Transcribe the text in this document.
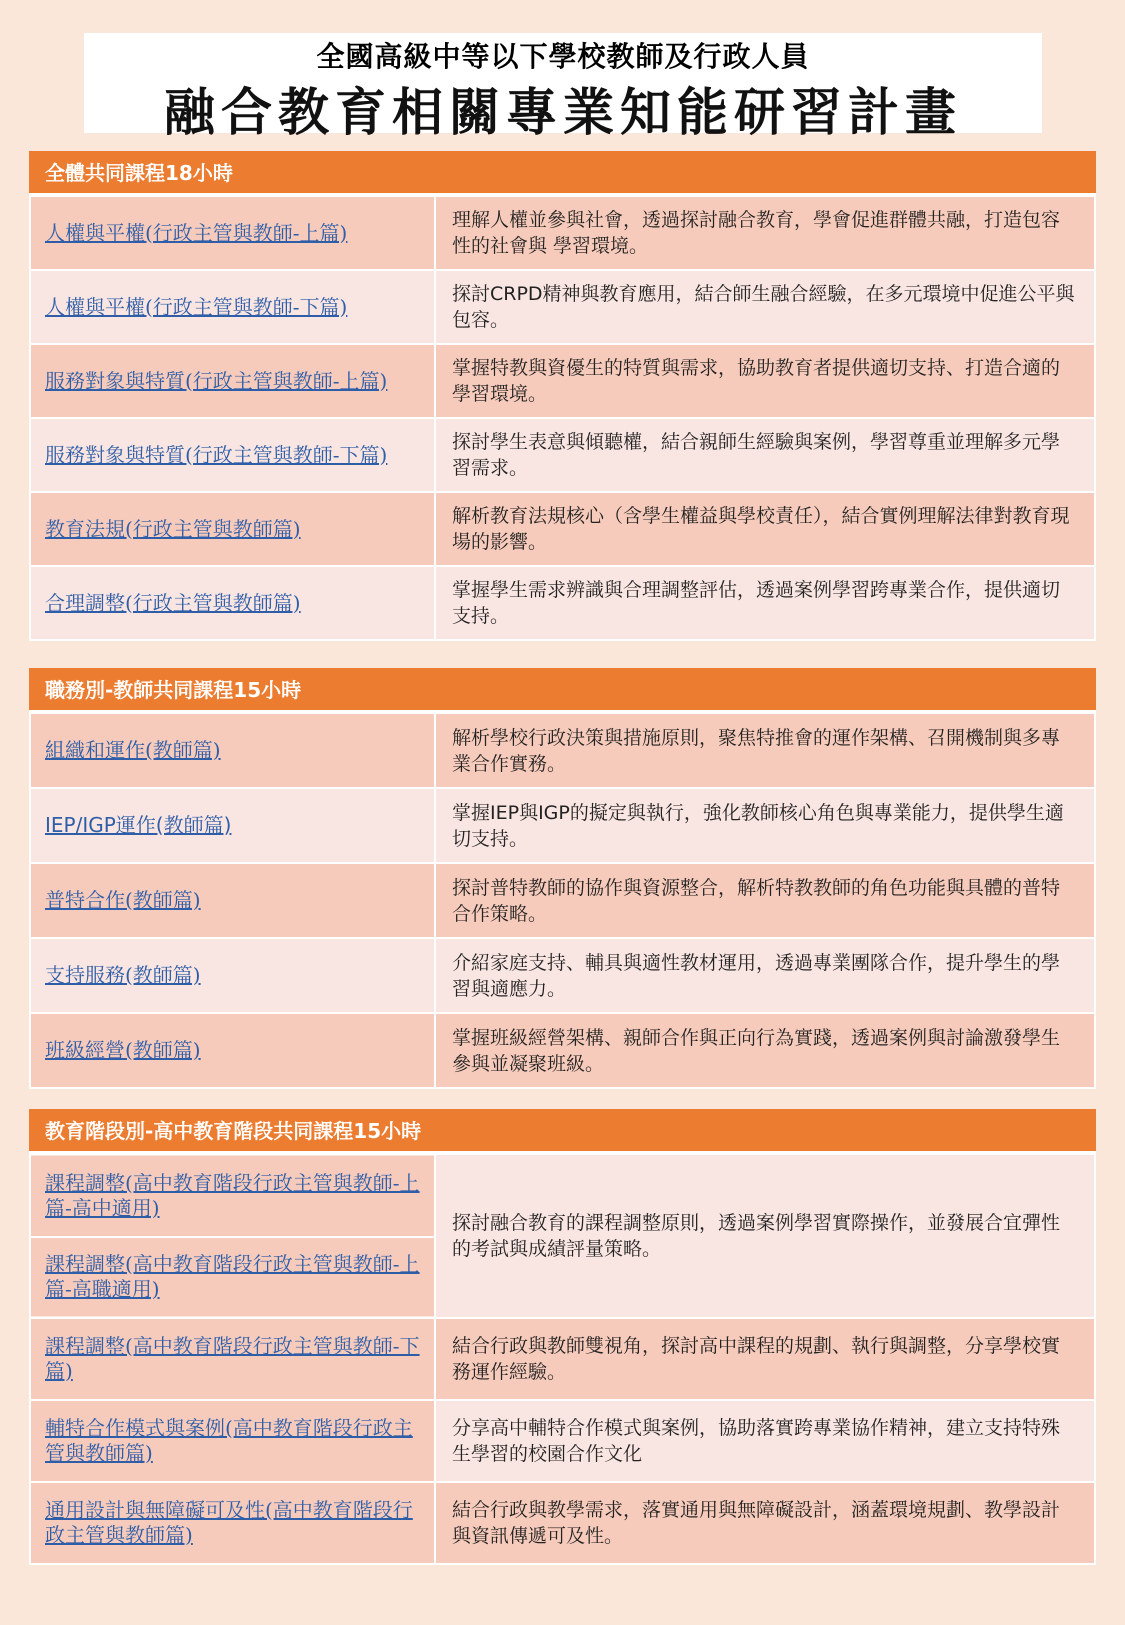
全國高級中等以下學校教師及行政人員
融合教育相關專業知能研習計畫
全體共同課程18小時
人權與平權(行政主管與教師-上篇)	理解人權並參與社會，透過探討融合教育，學會促進群體共融，打造包容性的社會與 學習環境。
人權與平權(行政主管與教師-下篇)	探討CRPD精神與教育應用，結合師生融合經驗，在多元環境中促進公平與包容。
服務對象與特質(行政主管與教師-上篇)	掌握特教與資優生的特質與需求，協助教育者提供適切支持、打造合適的學習環境。
服務對象與特質(行政主管與教師-下篇)	探討學生表意與傾聽權，結合親師生經驗與案例，學習尊重並理解多元學習需求。
教育法規(行政主管與教師篇)	解析教育法規核心（含學生權益與學校責任），結合實例理解法律對教育現場的影響。
合理調整(行政主管與教師篇)	掌握學生需求辨識與合理調整評估，透過案例學習跨專業合作，提供適切支持。
職務別-教師共同課程15小時
組織和運作(教師篇)	解析學校行政決策與措施原則，聚焦特推會的運作架構、召開機制與多專業合作實務。
IEP/IGP運作(教師篇)	掌握IEP與IGP的擬定與執行，強化教師核心角色與專業能力，提供學生適切支持。
普特合作(教師篇)	探討普特教師的協作與資源整合，解析特教教師的角色功能與具體的普特合作策略。
支持服務(教師篇)	介紹家庭支持、輔具與適性教材運用，透過專業團隊合作，提升學生的學習與適應力。
班級經營(教師篇)	掌握班級經營架構、親師合作與正向行為實踐，透過案例與討論激發學生參與並凝聚班級。
教育階段別-高中教育階段共同課程15小時
課程調整(高中教育階段行政主管與教師-上篇-高中適用)
課程調整(高中教育階段行政主管與教師-上篇-高職適用)	探討融合教育的課程調整原則，透過案例學習實際操作，並發展合宜彈性的考試與成績評量策略。
課程調整(高中教育階段行政主管與教師-下篇)	結合行政與教師雙視角，探討高中課程的規劃、執行與調整，分享學校實務運作經驗。
輔特合作模式與案例(高中教育階段行政主管與教師篇)	分享高中輔特合作模式與案例，協助落實跨專業協作精神，建立支持特殊生學習的校園合作文化
通用設計與無障礙可及性(高中教育階段行政主管與教師篇)	結合行政與教學需求，落實通用與無障礙設計，涵蓋環境規劃、教學設計與資訊傳遞可及性。
